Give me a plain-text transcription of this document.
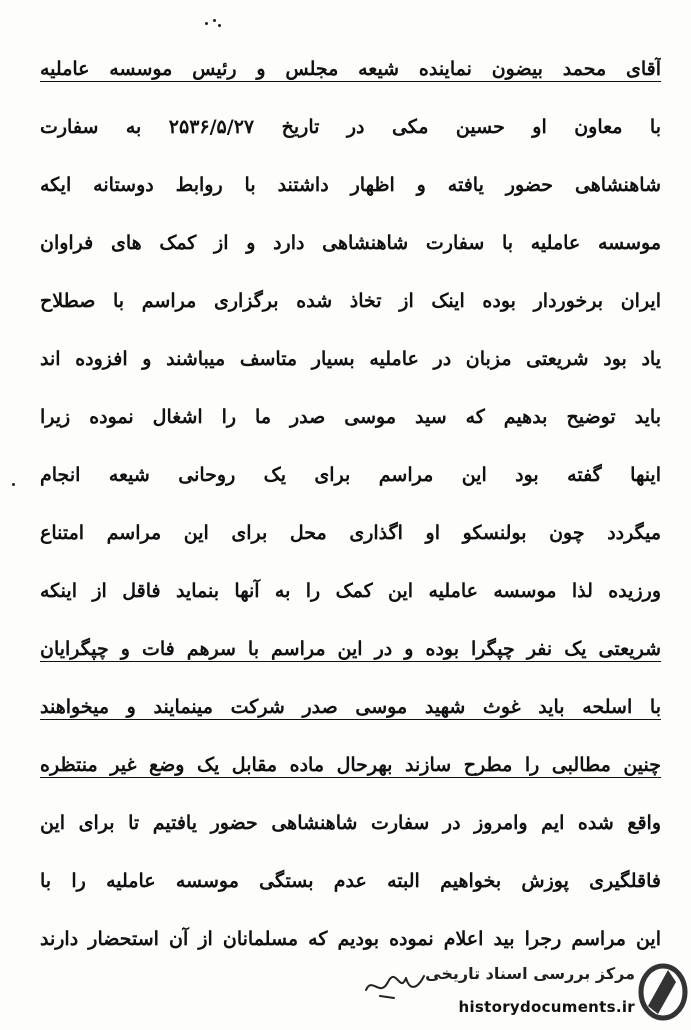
آقای محمد بیضون نماینده شیعه مجلس و رئیس موسسه عاملیه
با معاون او حسین مکی در تاریخ ۲۵۳۶/۵/۲۷ به سفارت
شاهنشاهی حضور یافته و اظهار داشتند با روابط دوستانه ایکه
موسسه عاملیه با سفارت شاهنشاهی دارد و از کمک های فراوان
ایران برخوردار بوده اینک از تخاذ شده برگزاری مراسم با صطلاح
یاد بود شریعتی مزبان در عاملیه بسیار متاسف میباشند و افزوده اند
باید توضیح بدهیم که سید موسی صدر ما را اشغال نموده زیرا
اینها گفته بود این مراسم برای یک روحانی شیعه انجام
میگردد چون بولنسکو او اگذاری محل برای این مراسم امتناع
ورزیده لذا موسسه عاملیه این کمک را به آنها بنماید فاقل از اینکه
شریعتی یک نفر چپگرا بوده و در این مراسم با سرهم فات و چپگرایان
با اسلحه باید غوث شهید موسی صدر شرکت مینمایند و میخواهند
چنین مطالبی را مطرح سازند بهرحال ماده مقابل یک وضع غیر منتظره
واقع شده ایم وامروز در سفارت شاهنشاهی حضور یافتیم تا برای این
فاقلگیری پوزش بخواهیم البته عدم بستگی موسسه عاملیه را با
این مراسم رجرا بید اعلام نموده بودیم که مسلمانان از آن استحضار دارند
مرکز بررسی اسناد تاریخی
historydocuments.ir
